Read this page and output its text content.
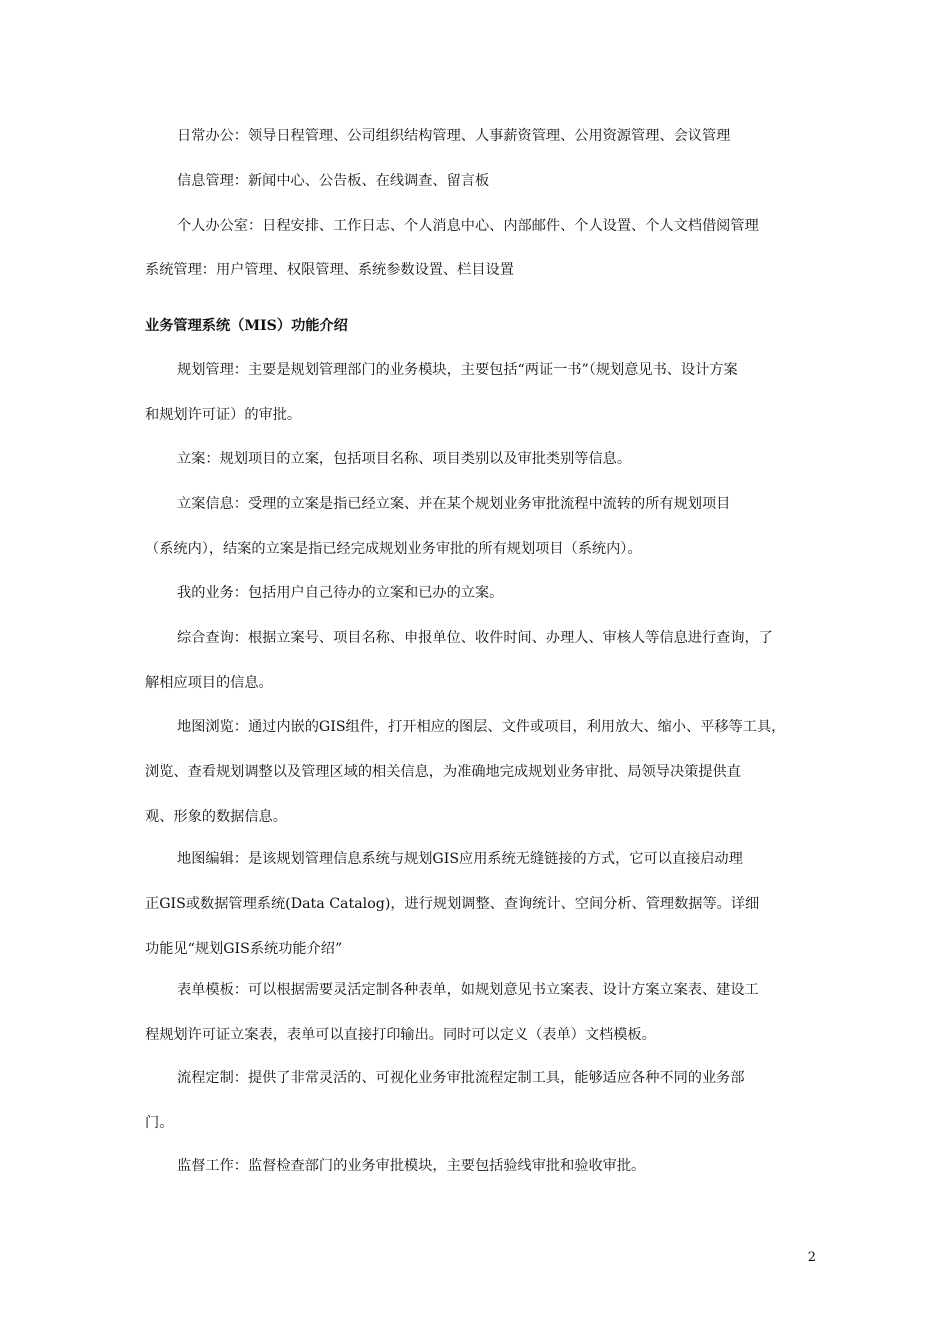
日常办公：领导日程管理、公司组织结构管理、人事薪资管理、公用资源管理、会议管理
信息管理：新闻中心、公告板、在线调查、留言板
个人办公室：日程安排、工作日志、个人消息中心、内部邮件、个人设置、个人文档借阅管理
系统管理：用户管理、权限管理、系统参数设置、栏目设置
业务管理系统（MIS）功能介绍
规划管理：主要是规划管理部门的业务模块，主要包括“两证一书”（规划意见书、设计方案
和规划许可证）的审批。
立案：规划项目的立案，包括项目名称、项目类别以及审批类别等信息。
立案信息：受理的立案是指已经立案、并在某个规划业务审批流程中流转的所有规划项目
（系统内），结案的立案是指已经完成规划业务审批的所有规划项目（系统内）。
我的业务：包括用户自己待办的立案和已办的立案。
综合查询：根据立案号、项目名称、申报单位、收件时间、办理人、审核人等信息进行查询，了
解相应项目的信息。
地图浏览：通过内嵌的GIS组件，打开相应的图层、文件或项目，利用放大、缩小、平移等工具，
浏览、查看规划调整以及管理区域的相关信息，为准确地完成规划业务审批、局领导决策提供直
观、形象的数据信息。
地图编辑：是该规划管理信息系统与规划GIS应用系统无缝链接的方式，它可以直接启动理
正GIS或数据管理系统(Data Catalog)，进行规划调整、查询统计、空间分析、管理数据等。详细
功能见“规划GIS系统功能介绍”
表单模板：可以根据需要灵活定制各种表单，如规划意见书立案表、设计方案立案表、建设工
程规划许可证立案表，表单可以直接打印输出。同时可以定义（表单）文档模板。
流程定制：提供了非常灵活的、可视化业务审批流程定制工具，能够适应各种不同的业务部
门。
监督工作：监督检查部门的业务审批模块，主要包括验线审批和验收审批。
2
